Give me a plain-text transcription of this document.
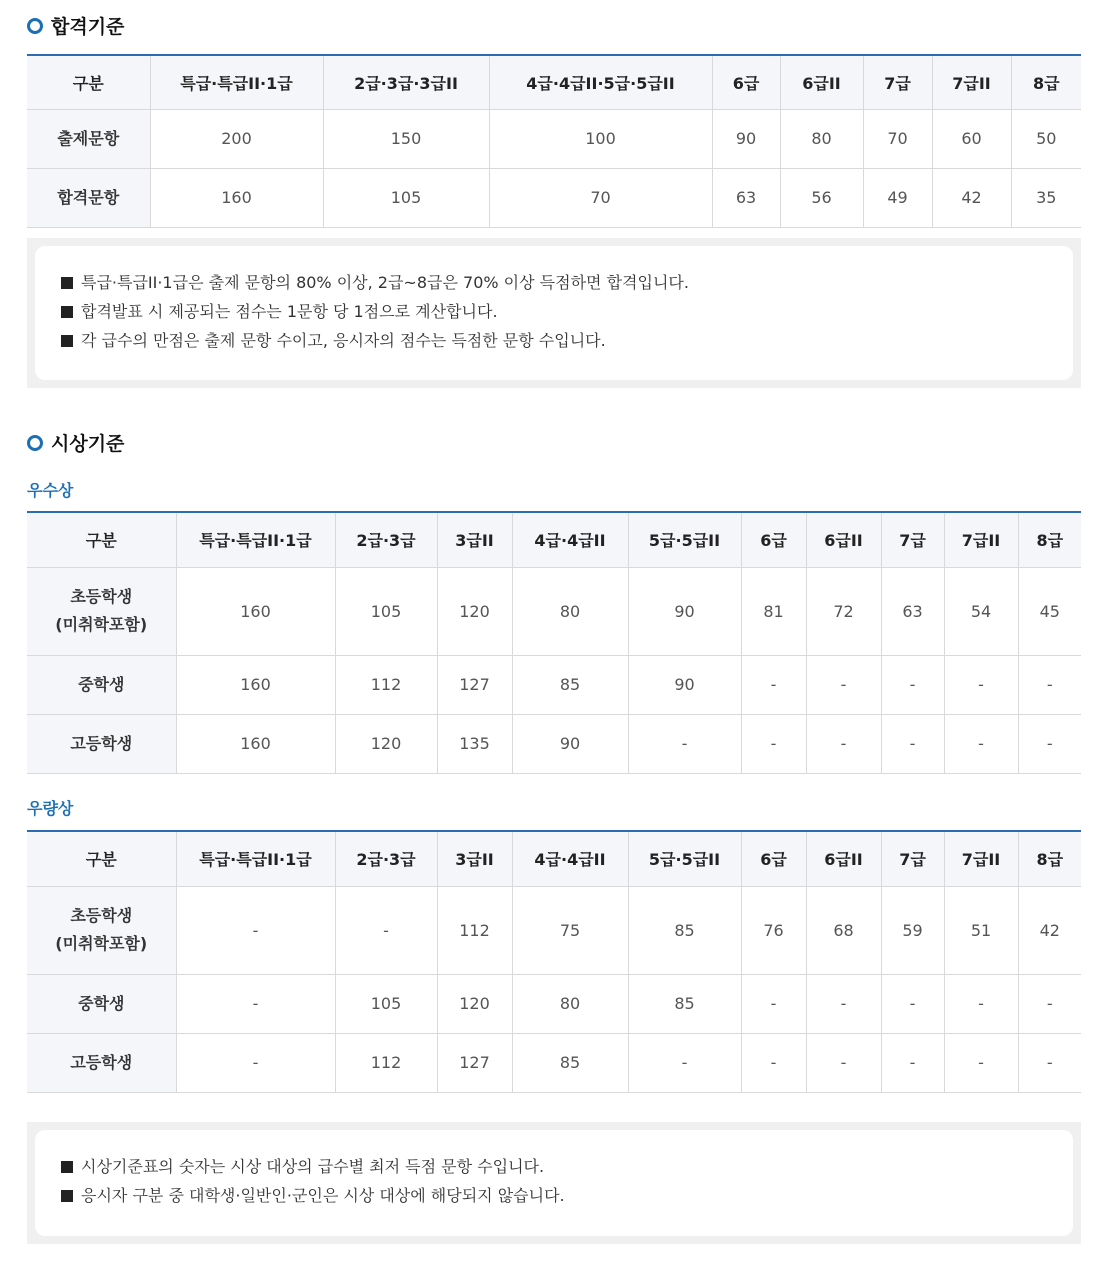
합격기준
구분	특급·특급II·1급	2급·3급·3급II	4급·4급II·5급·5급II	6급	6급II	7급	7급II	8급
출제문항	200	150	100	90	80	70	60	50
합격문항	160	105	70	63	56	49	42	35
특급·특급II·1급은 출제 문항의 80% 이상, 2급~8급은 70% 이상 득점하면 합격입니다.
합격발표 시 제공되는 점수는 1문항 당 1점으로 계산합니다.
각 급수의 만점은 출제 문항 수이고, 응시자의 점수는 득점한 문항 수입니다.
시상기준
우수상
구분	특급·특급II·1급	2급·3급	3급II	4급·4급II	5급·5급II	6급	6급II	7급	7급II	8급

초등학생
(미취학포함)	160	105	120	80	90	81	72	63	54	45
중학생	160	112	127	85	90	-	-	-	-	-
고등학생	160	120	135	90	-	-	-	-	-	-
우량상
구분	특급·특급II·1급	2급·3급	3급II	4급·4급II	5급·5급II	6급	6급II	7급	7급II	8급

초등학생
(미취학포함)	-	-	112	75	85	76	68	59	51	42
중학생	-	105	120	80	85	-	-	-	-	-
고등학생	-	112	127	85	-	-	-	-	-	-
시상기준표의 숫자는 시상 대상의 급수별 최저 득점 문항 수입니다.
응시자 구분 중 대학생·일반인·군인은 시상 대상에 해당되지 않습니다.
